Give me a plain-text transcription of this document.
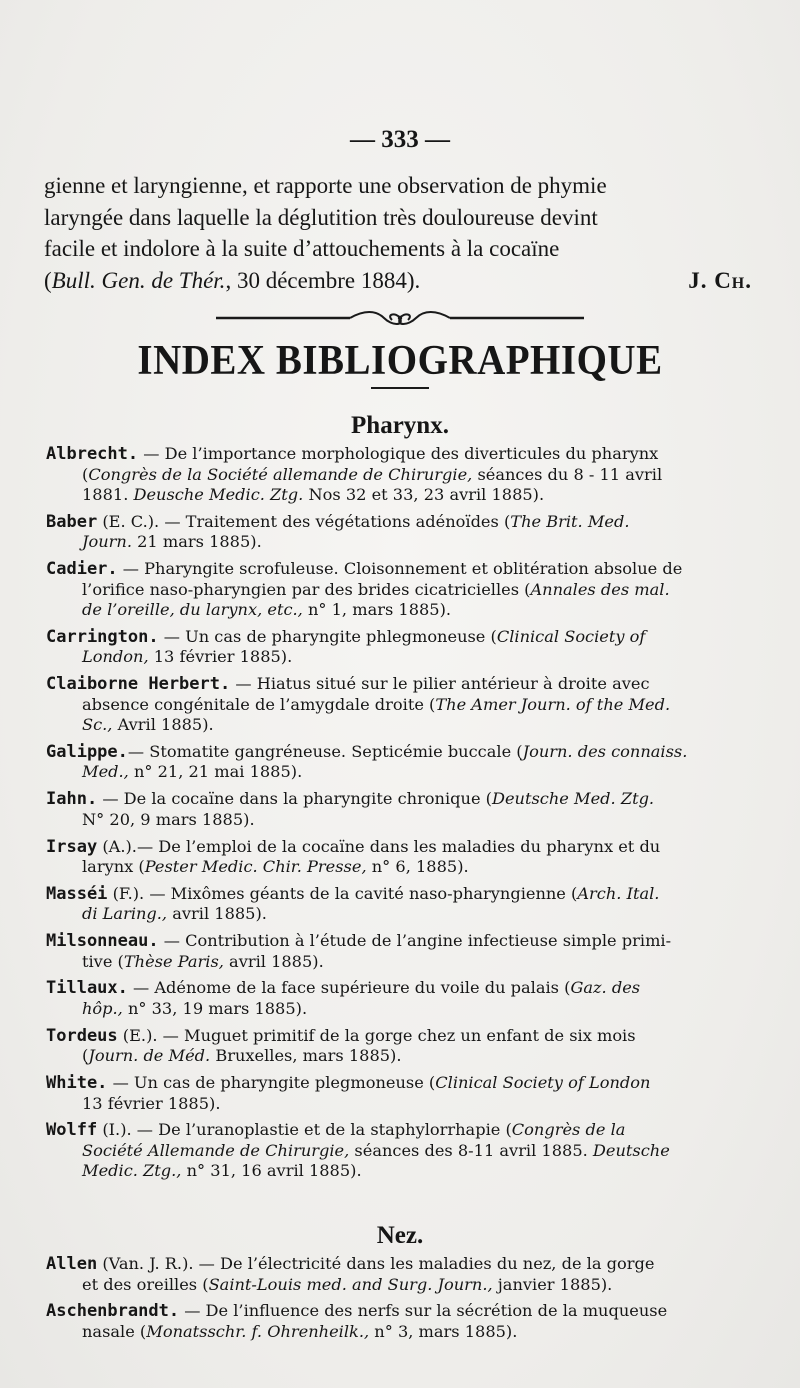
— 333 —
gienne et laryngienne, et rapporte une observation de phymie
laryngée dans laquelle la déglutition très douloureuse devint
facile et indolore à la suite d’attouchements à la cocaïne
(Bull. Gen. de Thér., 30 décembre 1884).	J. Ch.
INDEX BIBLIOGRAPHIQUE
Pharynx.
Albrecht. — De l’importance morphologique des diverticules du pharynx
(Congrès de la Société allemande de Chirurgie, séances du 8 - 11 avril
1881. Deusche Medic. Ztg. Nos 32 et 33, 23 avril 1885).
Baber (E. C.). — Traitement des végétations adénoïdes (The Brit. Med.
Journ. 21 mars 1885).
Cadier. — Pharyngite scrofuleuse. Cloisonnement et oblitération absolue de
l’orifice naso-pharyngien par des brides cicatricielles (Annales des mal.
de l’oreille, du larynx, etc., n° 1, mars 1885).
Carrington. — Un cas de pharyngite phlegmoneuse (Clinical Society of
London, 13 février 1885).
Claiborne Herbert. — Hiatus situé sur le pilier antérieur à droite avec
absence congénitale de l’amygdale droite (The Amer Journ. of the Med.
Sc., Avril 1885).
Galippe.— Stomatite gangréneuse. Septicémie buccale (Journ. des connaiss.
Med., n° 21, 21 mai 1885).
Iahn. — De la cocaïne dans la pharyngite chronique (Deutsche Med. Ztg.
N° 20, 9 mars 1885).
Irsay (A.).— De l’emploi de la cocaïne dans les maladies du pharynx et du
larynx (Pester Medic. Chir. Presse, n° 6, 1885).
Masséi (F.). — Mixômes géants de la cavité naso-pharyngienne (Arch. Ital.
di Laring., avril 1885).
Milsonneau. — Contribution à l’étude de l’angine infectieuse simple primi-
tive (Thèse Paris, avril 1885).
Tillaux. — Adénome de la face supérieure du voile du palais (Gaz. des
hôp., n° 33, 19 mars 1885).
Tordeus (E.). — Muguet primitif de la gorge chez un enfant de six mois
(Journ. de Méd. Bruxelles, mars 1885).
White. — Un cas de pharyngite plegmoneuse (Clinical Society of London
13 février 1885).
Wolff (I.). — De l’uranoplastie et de la staphylorrhapie (Congrès de la
Société Allemande de Chirurgie, séances des 8-11 avril 1885. Deutsche
Medic. Ztg., n° 31, 16 avril 1885).
Nez.
Allen (Van. J. R.). — De l’électricité dans les maladies du nez, de la gorge
et des oreilles (Saint-Louis med. and Surg. Journ., janvier 1885).
Aschenbrandt. — De l’influence des nerfs sur la sécrétion de la muqueuse
nasale (Monatsschr. f. Ohrenheilk., n° 3, mars 1885).
